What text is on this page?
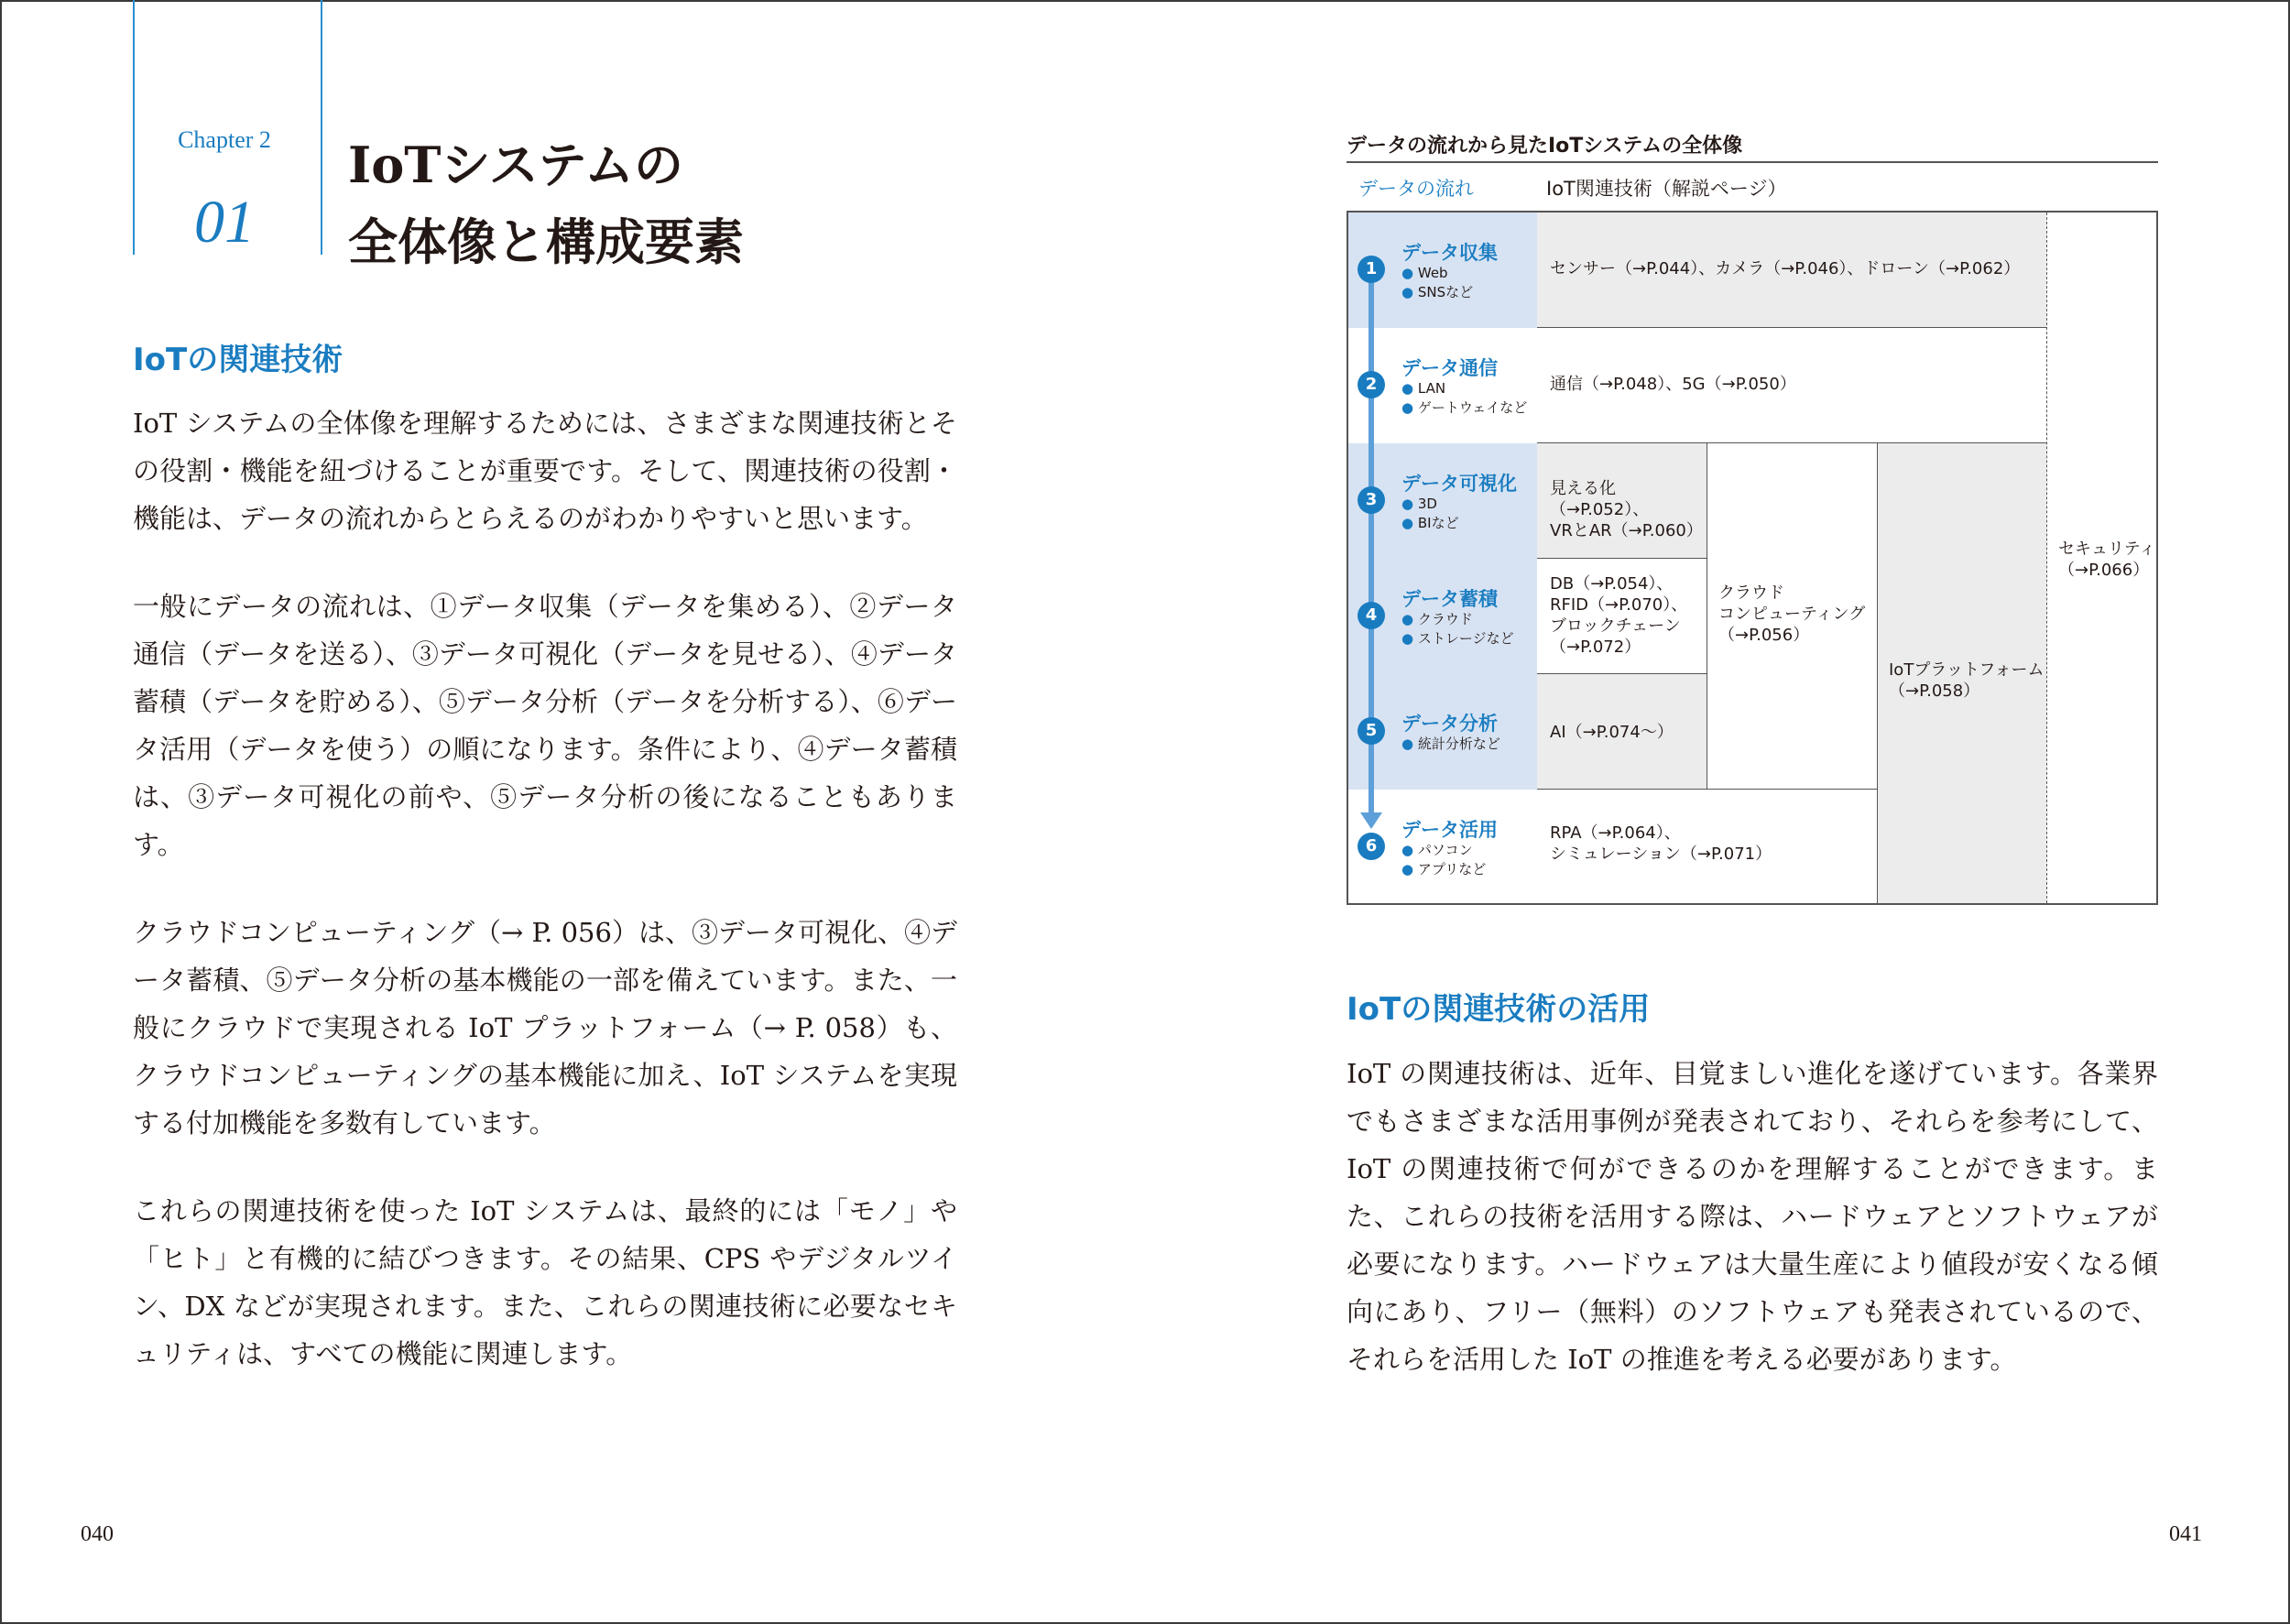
Chapter 2
01
IoTシステムの
全体像と構成要素
IoTの関連技術
IoT システムの全体像を理解するためには、さまざまな関連技術とその役割・機能を紐づけることが重要です。そして、関連技術の役割・機能は、データの流れからとらえるのがわかりやすいと思います。
一般にデータの流れは、①データ収集（データを集める）、②データ通信（データを送る）、③データ可視化（データを見せる）、④データ蓄積（データを貯める）、⑤データ分析（データを分析する）、⑥データ活用（データを使う）の順になります。条件により、④データ蓄積は、③データ可視化の前や、⑤データ分析の後になることもあります。
クラウドコンピューティング（→ P. 056）は、③データ可視化、④データ蓄積、⑤データ分析の基本機能の一部を備えています。また、一般にクラウドで実現される IoT プラットフォーム（→ P. 058）も、クラウドコンピューティングの基本機能に加え、IoT システムを実現する付加機能を多数有しています。
これらの関連技術を使った IoT システムは、最終的には「モノ」や「ヒト」と有機的に結びつきます。その結果、CPS やデジタルツイン、DX などが実現されます。また、これらの関連技術に必要なセキュリティは、すべての機能に関連します。
040
データの流れから見たIoTシステムの全体像
データの流れ	IoT関連技術（解説ページ）
データ収集
● Web
● SNSなど
データ通信
● LAN
● ゲートウェイなど
データ可視化
● 3D
● BIなど
データ蓄積
● クラウド
● ストレージなど
データ分析
● 統計分析など
データ活用
● パソコン
● アプリなど
1
2
3
4
5
6
センサー（→P.044）、カメラ（→P.046）、ドローン（→P.062）
通信（→P.048）、5G（→P.050）
見える化（→P.052）、
VRとAR（→P.060）
DB（→P.054）、
RFID（→P.070）、
ブロックチェーン
（→P.072）
AI（→P.074〜）
クラウド
コンピューティング
（→P.056）
RPA（→P.064）、
シミュレーション（→P.071）
IoTプラットフォーム
（→P.058）
セキュリティ
（→P.066）
IoTの関連技術の活用
IoT の関連技術は、近年、目覚ましい進化を遂げています。各業界でもさまざまな活用事例が発表されており、それらを参考にして、IoT の関連技術で何ができるのかを理解することができます。また、これらの技術を活用する際は、ハードウェアとソフトウェアが必要になります。ハードウェアは大量生産により値段が安くなる傾向にあり、フリー（無料）のソフトウェアも発表されているので、それらを活用した IoT の推進を考える必要があります。
041
